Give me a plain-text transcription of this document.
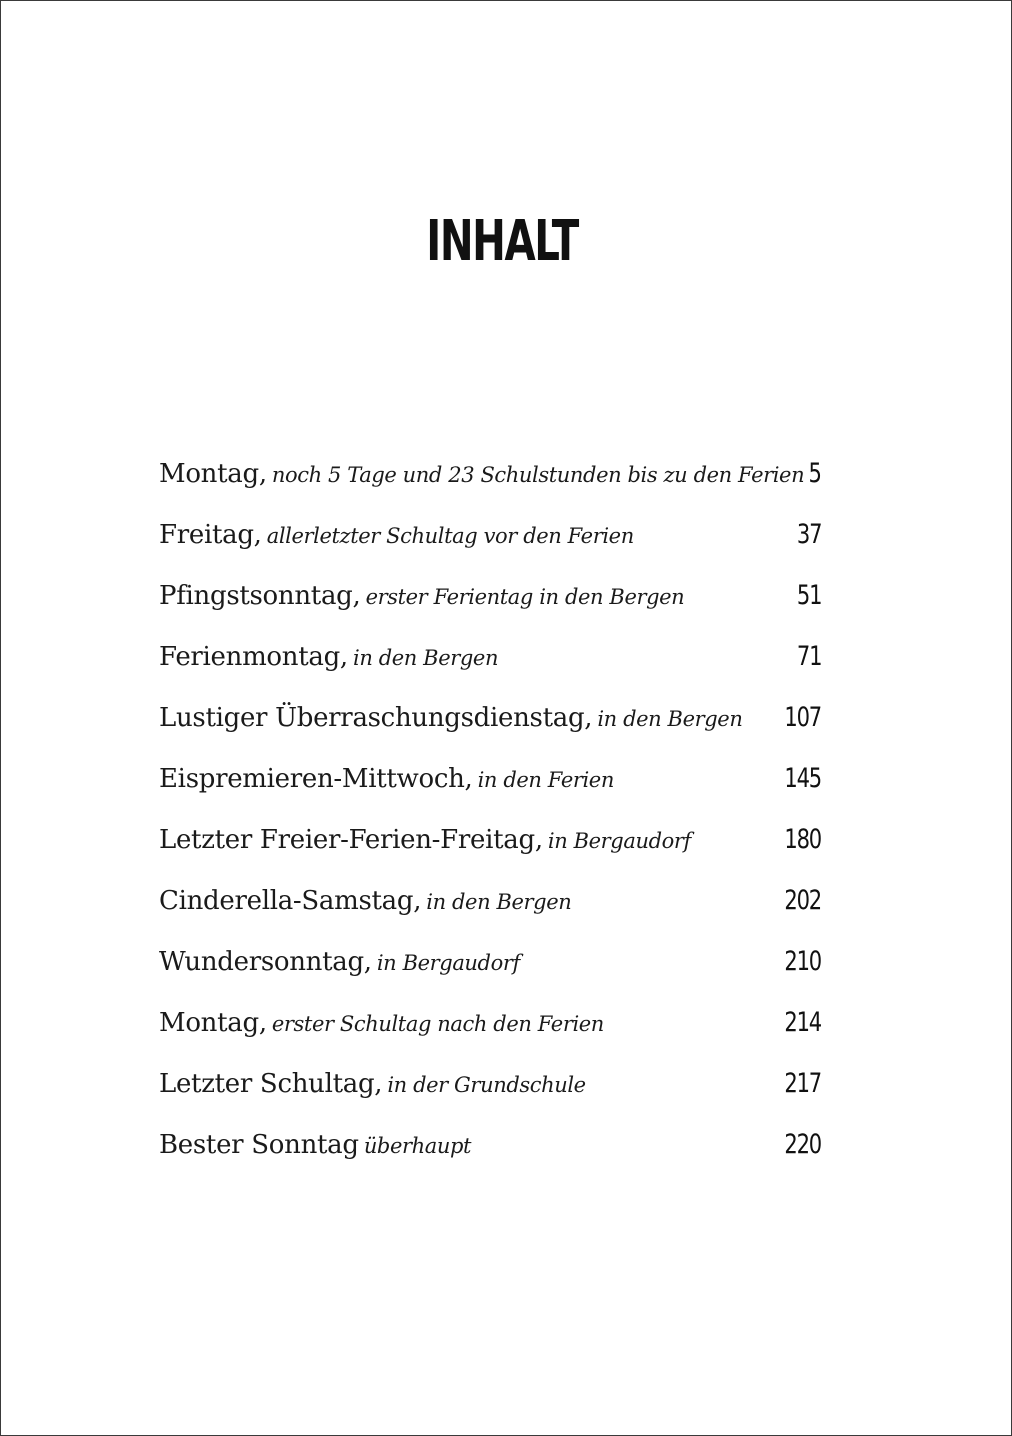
INHALT
Montag, noch 5 Tage und 23 Schulstunden bis zu den Ferien 5
Freitag, allerletzter Schultag vor den Ferien	37
Pfingstsonntag, erster Ferientag in den Bergen	51
Ferienmontag, in den Bergen	71
Lustiger Überraschungsdienstag, in den Bergen 107
Eispremieren-Mittwoch, in den Ferien	145
Letzter Freier-Ferien-Freitag, in Bergaudorf	180
Cinderella-Samstag, in den Bergen	202
Wundersonntag, in Bergaudorf	210
Montag, erster Schultag nach den Ferien	214
Letzter Schultag, in der Grundschule	217
Bester Sonntag überhaupt	220
